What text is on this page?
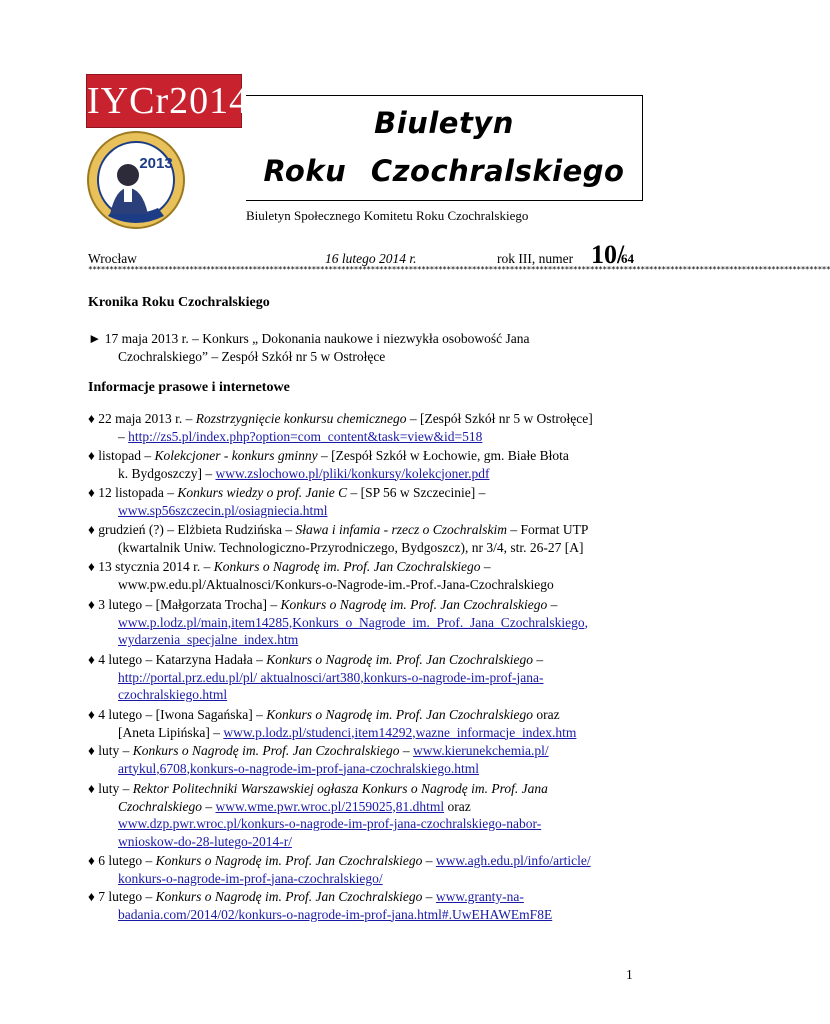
IYCr2014
2013
Biuletyn
Roku Czochralskiego
Biuletyn Społecznego Komitetu Roku Czochralskiego
Wrocław	16 lutego 2014 r.	rok III, numer 10/
64
********************************************************************************************************************************************************************************
Kronika Roku Czochralskiego
► 17 maja 2013 r. – Konkurs „ Dokonania naukowe i niezwykła osobowość Jana
Czochralskiego” – Zespół Szkół nr 5 w Ostrołęce
Informacje prasowe i internetowe
♦ 22 maja 2013 r. – Rozstrzygnięcie konkursu chemicznego – [Zespół Szkół nr 5 w Ostrołęce]
– http://zs5.pl/index.php?option=com_content&task=view&id=518
♦ listopad – Kolekcjoner - konkurs gminny – [Zespół Szkół w Łochowie, gm. Białe Błota
k. Bydgoszczy] – www.zslochowo.pl/pliki/konkursy/kolekcjoner.pdf
♦ 12 listopada – Konkurs wiedzy o prof. Janie C – [SP 56 w Szczecinie] –
www.sp56szczecin.pl/osiagniecia.html
♦ grudzień (?) – Elżbieta Rudzińska – Sława i infamia - rzecz o Czochralskim – Format UTP
(kwartalnik Uniw. Technologiczno-Przyrodniczego, Bydgoszcz), nr 3/4, str. 26-27 [A]
♦ 13 stycznia 2014 r. – Konkurs o Nagrodę im. Prof. Jan Czochralskiego –
www.pw.edu.pl/Aktualnosci/Konkurs-o-Nagrode-im.-Prof.-Jana-Czochralskiego
♦ 3 lutego – [Małgorzata Trocha] – Konkurs o Nagrodę im. Prof. Jan Czochralskiego –
www.p.lodz.pl/main,item14285,Konkurs_o_Nagrode_im._Prof._Jana_Czochralskiego,
wydarzenia_specjalne_index.htm
♦ 4 lutego – Katarzyna Hadała – Konkurs o Nagrodę im. Prof. Jan Czochralskiego –
http://portal.prz.edu.pl/pl/ aktualnosci/art380,konkurs-o-nagrode-im-prof-jana-
czochralskiego.html
♦ 4 lutego – [Iwona Sagańska] – Konkurs o Nagrodę im. Prof. Jan Czochralskiego oraz
[Aneta Lipińska] – www.p.lodz.pl/studenci,item14292,wazne_informacje_index.htm
♦ luty – Konkurs o Nagrodę im. Prof. Jan Czochralskiego – www.kierunekchemia.pl/
artykul,6708,konkurs-o-nagrode-im-prof-jana-czochralskiego.html
♦ luty – Rektor Politechniki Warszawskiej ogłasza Konkurs o Nagrodę im. Prof. Jana
Czochralskiego – www.wme.pwr.wroc.pl/2159025,81.dhtml oraz
www.dzp.pwr.wroc.pl/konkurs-o-nagrode-im-prof-jana-czochralskiego-nabor-
wnioskow-do-28-lutego-2014-r/
♦ 6 lutego – Konkurs o Nagrodę im. Prof. Jan Czochralskiego – www.agh.edu.pl/info/article/
konkurs-o-nagrode-im-prof-jana-czochralskiego/
♦ 7 lutego – Konkurs o Nagrodę im. Prof. Jan Czochralskiego – www.granty-na-
badania.com/2014/02/konkurs-o-nagrode-im-prof-jana.html#.UwEHAWEmF8E
1
